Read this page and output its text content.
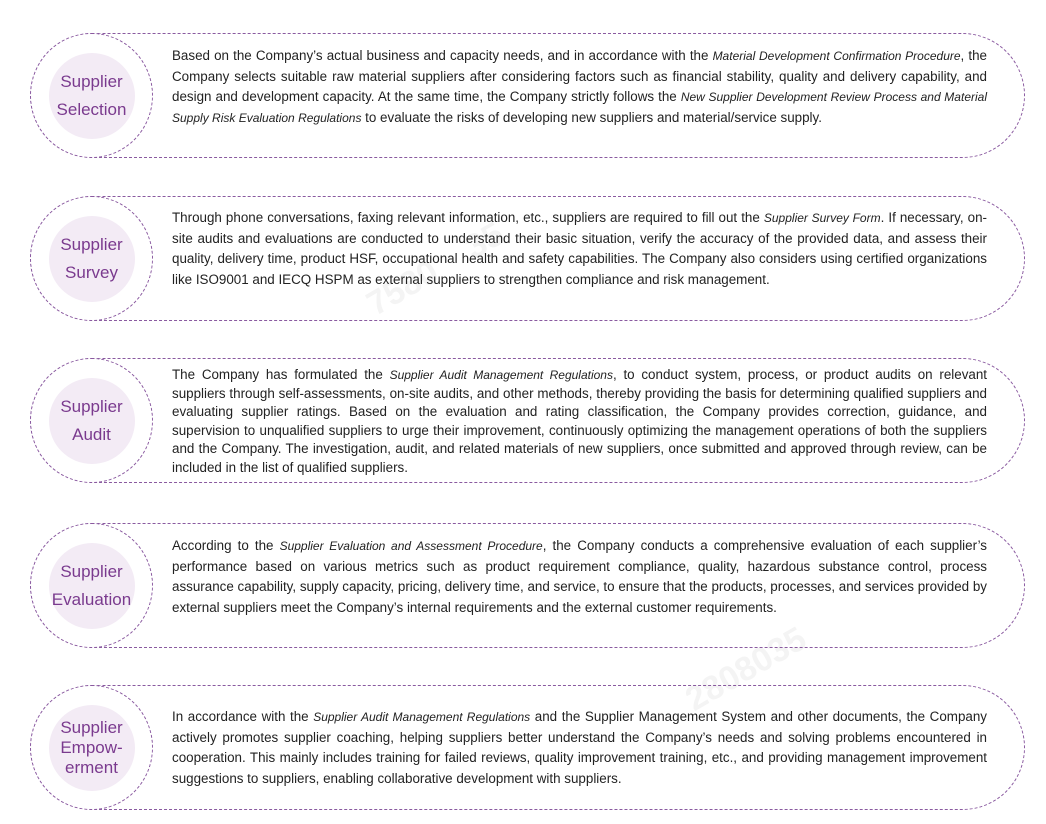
7580    35
2808035
Supplier
Selection
Based on the Company’s actual business and capacity needs, and in accordance with the Material Development Confirmation Procedure, the Company selects suitable raw material suppliers after considering factors such as financial stability, quality and delivery capability, and design and development capacity. At the same time, the Company strictly follows the New Supplier Development Review Process and Material Supply Risk Evaluation Regulations to evaluate the risks of developing new suppliers and material/service supply.
Supplier
Survey
Through phone conversations, faxing relevant information, etc., suppliers are required to fill out the Supplier Survey Form. If necessary, on-site audits and evaluations are conducted to understand their basic situation, verify the accuracy of the provided data, and assess their quality, delivery time, product HSF, occupational health and safety capabilities. The Company also considers using certified organizations like ISO9001 and IECQ HSPM as external suppliers to strengthen compliance and risk management.
Supplier
Audit
The Company has formulated the Supplier Audit Management Regulations, to conduct system, process, or product audits on relevant suppliers through self-assessments, on-site audits, and other methods, thereby providing the basis for determining qualified suppliers and evaluating supplier ratings. Based on the evaluation and rating classification, the Company provides correction, guidance, and supervision to unqualified suppliers to urge their improvement, continuously optimizing the management operations of both the suppliers and the Company. The investigation, audit, and related materials of new suppliers, once submitted and approved through review, can be included in the list of qualified suppliers.
Supplier
Evaluation
According to the Supplier Evaluation and Assessment Procedure, the Company conducts a comprehensive evaluation of each supplier’s performance based on various metrics such as product requirement compliance, quality, hazardous substance control, process assurance capability, supply capacity, pricing, delivery time, and service, to ensure that the products, processes, and services provided by external suppliers meet the Company’s internal requirements and the external customer requirements.
Supplier
Empow-
erment
In accordance with the Supplier Audit Management Regulations and the Supplier Management System and other documents, the Company actively promotes supplier coaching, helping suppliers better understand the Company’s needs and solving problems encountered in cooperation. This mainly includes training for failed reviews, quality improvement training, etc., and providing management improvement suggestions to suppliers, enabling collaborative development with suppliers.
